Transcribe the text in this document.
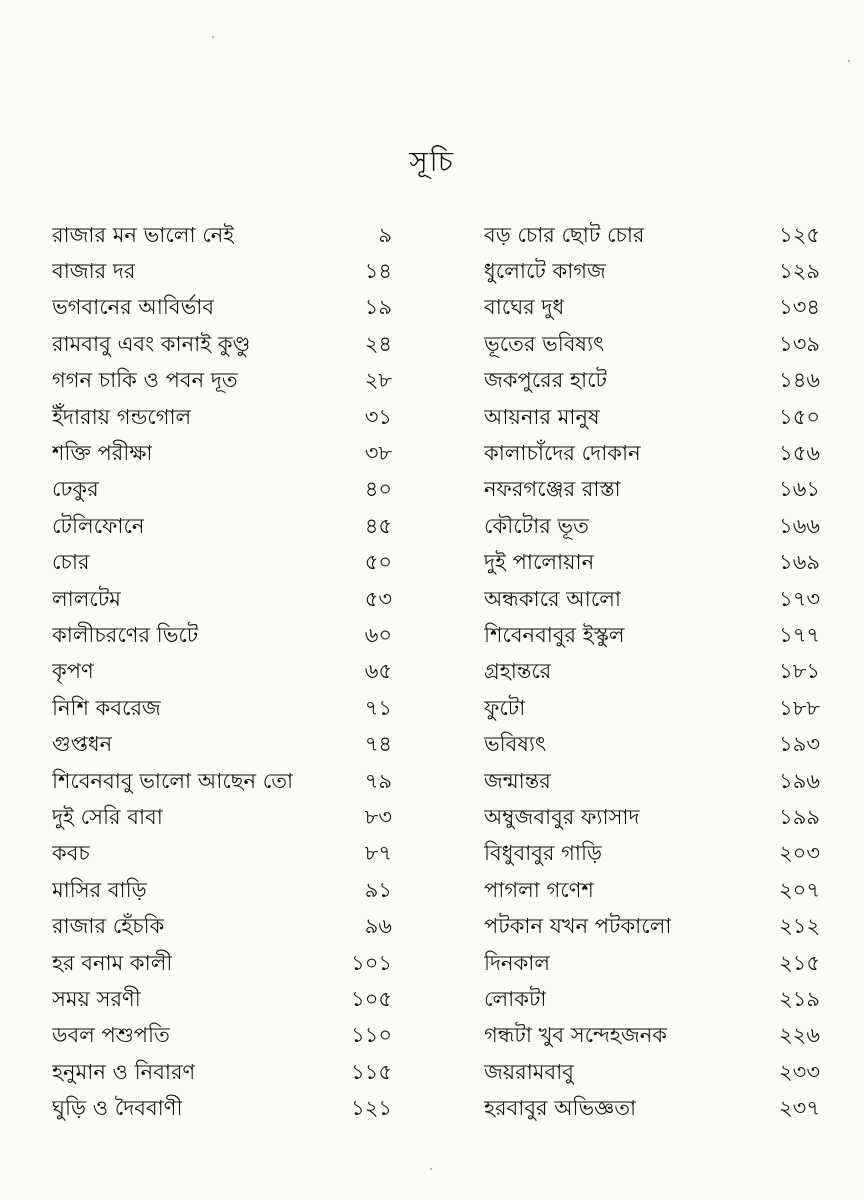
সূচি
রাজার মন ভালো নেই	৯
বাজার দর	১৪
ভগবানের আবির্ভাব	১৯
রামবাবু এবং কানাই কুণ্ডু	২৪
গগন চাকি ও পবন দূত	২৮
ইঁদারায় গন্ডগোল	৩১
শক্তি পরীক্ষা	৩৮
ঢেকুর	৪০
টেলিফোনে	৪৫
চোর	৫০
লালটেম	৫৩
কালীচরণের ভিটে	৬০
কৃপণ	৬৫
নিশি কবরেজ	৭১
গুপ্তধন	৭৪
শিবেনবাবু ভালো আছেন তো	৭৯
দুই সেরি বাবা	৮৩
কবচ	৮৭
মাসির বাড়ি	৯১
রাজার হেঁচকি	৯৬
হর বনাম কালী	১০১
সময় সরণী	১০৫
ডবল পশুপতি	১১০
হনুমান ও নিবারণ	১১৫
ঘুড়ি ও দৈববাণী	১২১
বড় চোর ছোট চোর	১২৫
ধুলোটে কাগজ	১২৯
বাঘের দুধ	১৩৪
ভূতের ভবিষ্যৎ	১৩৯
জকপুরের হাটে	১৪৬
আয়নার মানুষ	১৫০
কালাচাঁদের দোকান	১৫৬
নফরগঞ্জের রাস্তা	১৬১
কৌটোর ভূত	১৬৬
দুই পালোয়ান	১৬৯
অন্ধকারে আলো	১৭৩
শিবেনবাবুর ইস্কুল	১৭৭
গ্রহান্তরে	১৮১
ফুটো	১৮৮
ভবিষ্যৎ	১৯৩
জন্মান্তর	১৯৬
অম্বুজবাবুর ফ্যাসাদ	১৯৯
বিধুবাবুর গাড়ি	২০৩
পাগলা গণেশ	২০৭
পটকান যখন পটকালো	২১২
দিনকাল	২১৫
লোকটা	২১৯
গন্ধটা খুব সন্দেহজনক	২২৬
জয়রামবাবু	২৩৩
হরবাবুর অভিজ্ঞতা	২৩৭
